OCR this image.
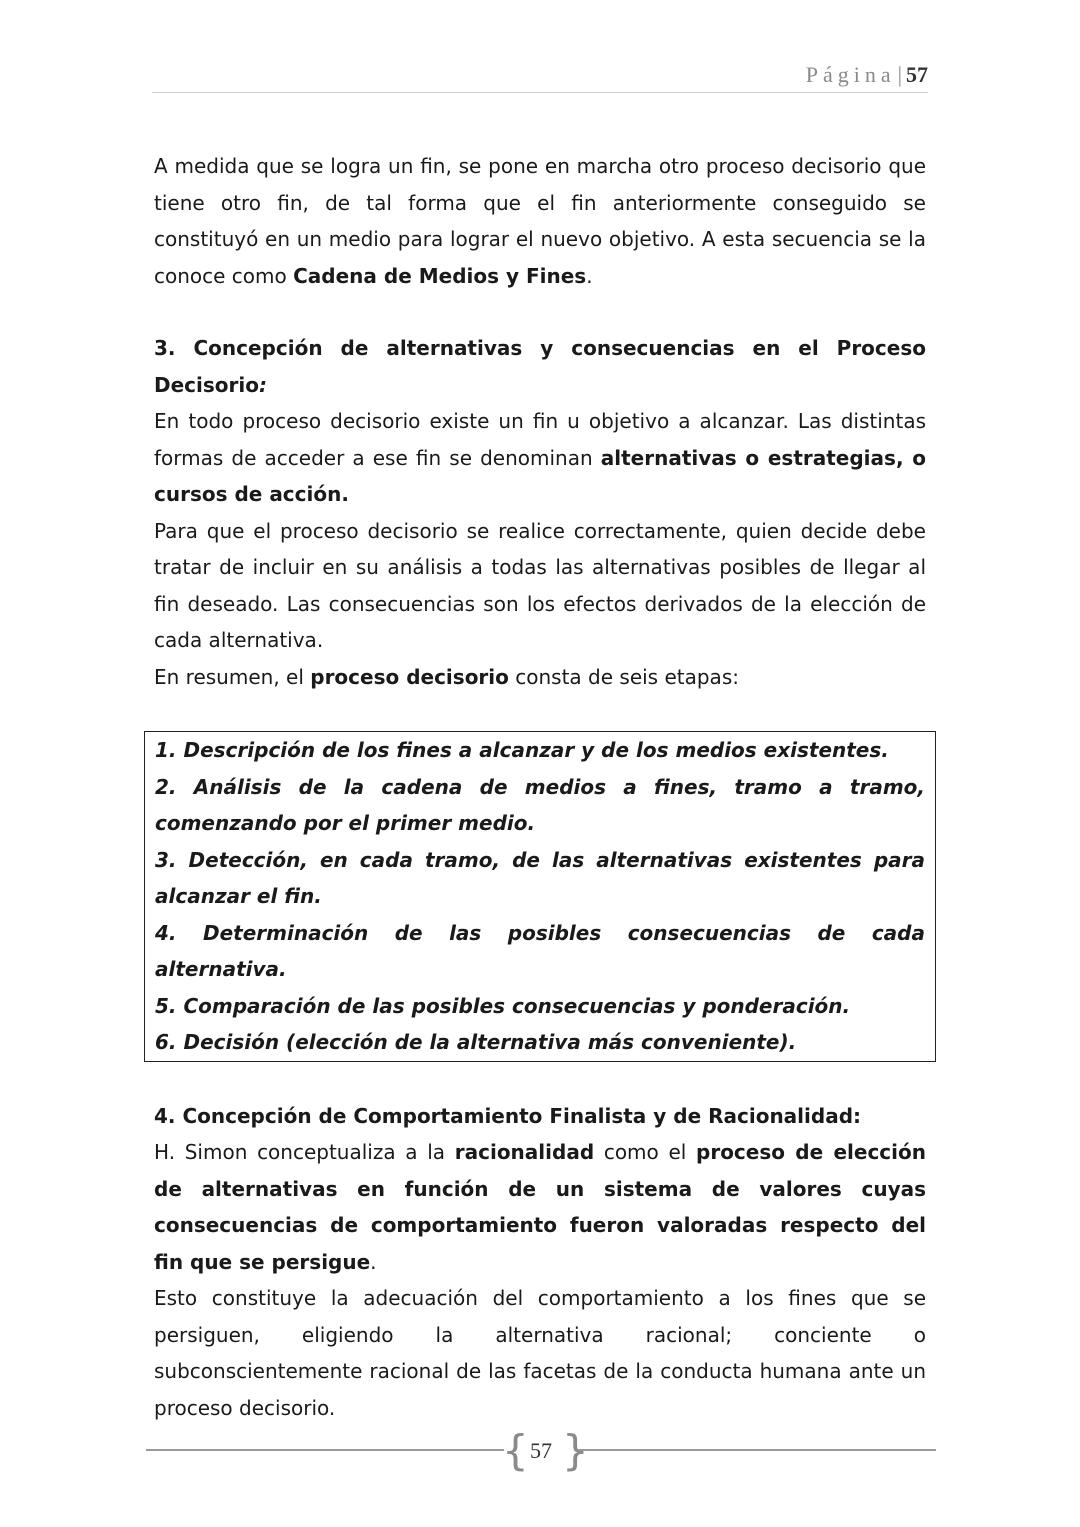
Página| 57

A medida que se logra un fin, se pone en marcha otro proceso decisorio que tiene otro fin, de tal forma que el fin anteriormente conseguido se constituyó en un medio para lograr el nuevo objetivo. A esta secuencia se la conoce como Cadena de Medios y Fines.

3. Concepción de alternativas y consecuencias en el Proceso Decisorio:

En todo proceso decisorio existe un fin u objetivo a alcanzar. Las distintas formas de acceder a ese fin se denominan alternativas o estrategias, o cursos de acción.

Para que el proceso decisorio se realice correctamente, quien decide debe tratar de incluir en su análisis a todas las alternativas posibles de llegar al fin deseado. Las consecuencias son los efectos derivados de la elección de cada alternativa.

En resumen, el proceso decisorio consta de seis etapas:

1. Descripción de los fines a alcanzar y de los medios existentes.

2. Análisis de la cadena de medios a fines, tramo a tramo, comenzando por el primer medio.

3. Detección, en cada tramo, de las alternativas existentes para alcanzar el fin.

4. Determinación de las posibles consecuencias de cada alternativa.

5. Comparación de las posibles consecuencias y ponderación.

6. Decisión (elección de la alternativa más conveniente).

4. Concepción de Comportamiento Finalista y de Racionalidad:

H. Simon conceptualiza a la racionalidad como el proceso de elección de alternativas en función de un sistema de valores cuyas consecuencias de comportamiento fueron valoradas respecto del fin que se persigue.

Esto constituye la adecuación del comportamiento a los fines que se persiguen, eligiendo la alternativa racional; conciente o subconscientemente racional de las facetas de la conducta humana ante un proceso decisorio.

{ 57 }
